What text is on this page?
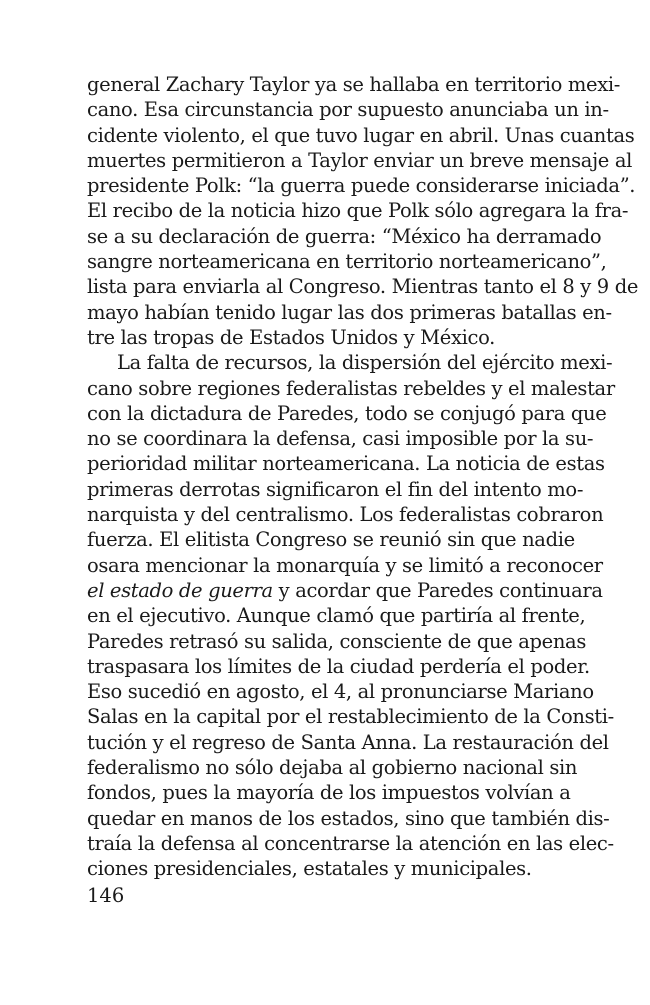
general Zachary Taylor ya se hallaba en territorio mexi-
cano. Esa circunstancia por supuesto anunciaba un in-
cidente violento, el que tuvo lugar en abril. Unas cuantas
muertes permitieron a Taylor enviar un breve mensaje al
presidente Polk: “la guerra puede considerarse iniciada”.
El recibo de la noticia hizo que Polk sólo agregara la fra-
se a su declaración de guerra: “México ha derramado
sangre norteamericana en territorio norteamericano”,
lista para enviarla al Congreso. Mientras tanto el 8 y 9 de
mayo habían tenido lugar las dos primeras batallas en-
tre las tropas de Estados Unidos y México.
La falta de recursos, la dispersión del ejército mexi-
cano sobre regiones federalistas rebeldes y el malestar
con la dictadura de Paredes, todo se conjugó para que
no se coordinara la defensa, casi imposible por la su-
perioridad militar norteamericana. La noticia de estas
primeras derrotas significaron el fin del intento mo-
narquista y del centralismo. Los federalistas cobraron
fuerza. El elitista Congreso se reunió sin que nadie
osara mencionar la monarquía y se limitó a reconocer
el estado de guerra y acordar que Paredes continuara
en el ejecutivo. Aunque clamó que partiría al frente,
Paredes retrasó su salida, consciente de que apenas
traspasara los límites de la ciudad perdería el poder.
Eso sucedió en agosto, el 4, al pronunciarse Mariano
Salas en la capital por el restablecimiento de la Consti-
tución y el regreso de Santa Anna. La restauración del
federalismo no sólo dejaba al gobierno nacional sin
fondos, pues la mayoría de los impuestos volvían a
quedar en manos de los estados, sino que también dis-
traía la defensa al concentrarse la atención en las elec-
ciones presidenciales, estatales y municipales.
146
